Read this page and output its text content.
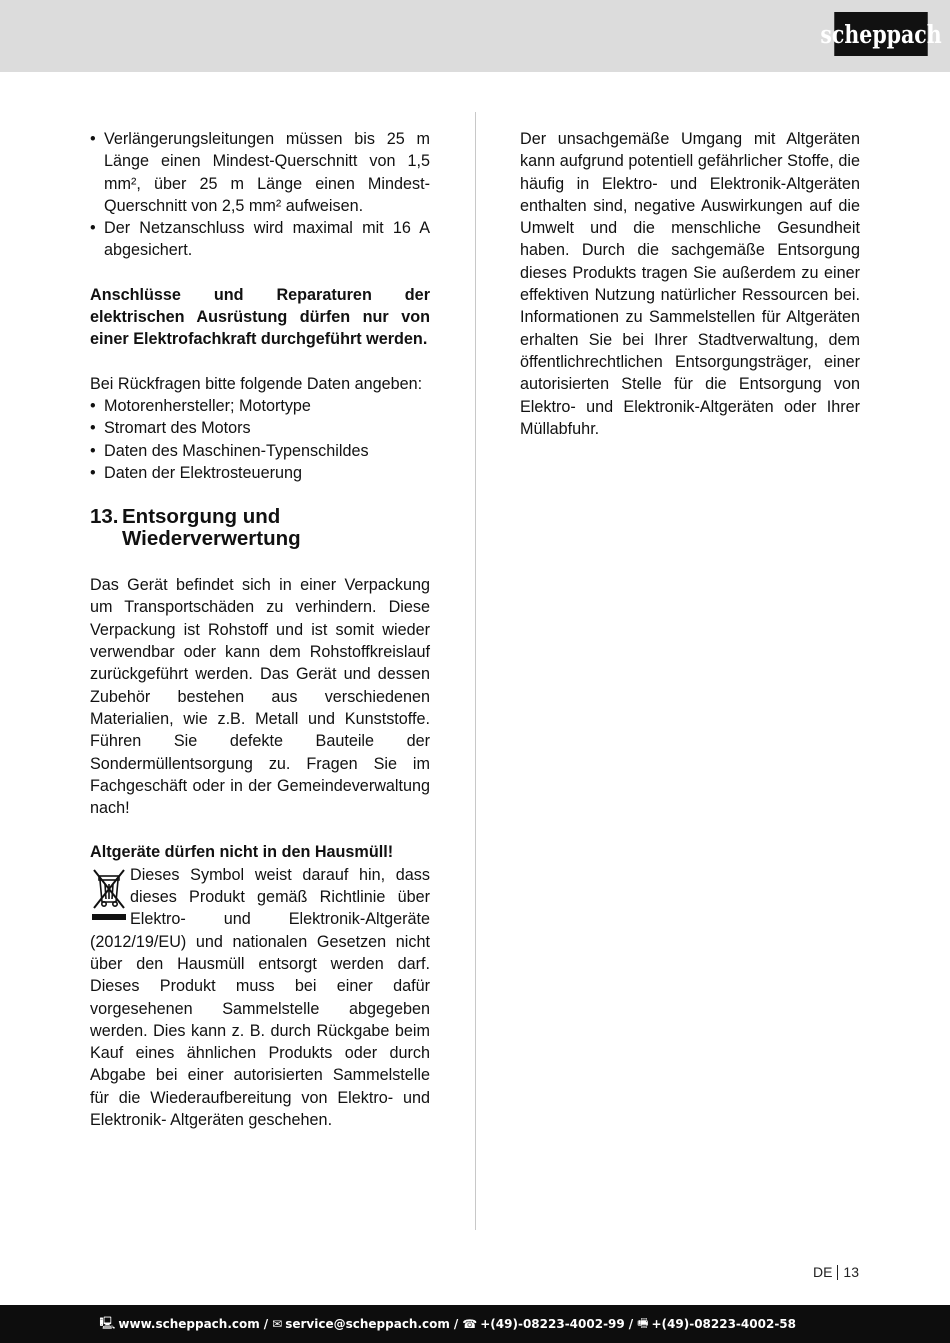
scheppach
• Verlängerungsleitungen müssen bis 25 m Länge einen Mindest-Querschnitt von 1,5 mm², über 25 m Länge einen Mindest-Querschnitt von 2,5 mm² aufweisen.
• Der Netzanschluss wird maximal mit 16 A abgesichert.

Anschlüsse und Reparaturen der elektrischen Ausrüstung dürfen nur von einer Elektrofachkraft durchgeführt werden.

Bei Rückfragen bitte folgende Daten angeben:

• Motorenhersteller; Motortype
• Stromart des Motors
• Daten des Maschinen-Typenschildes
• Daten der Elektrosteuerung
13. Entsorgung und
Wiederverwertung

Das Gerät befindet sich in einer Verpackung um Transportschäden zu verhindern. Diese Verpackung ist Rohstoff und ist somit wieder verwendbar oder kann dem Rohstoffkreislauf zurückgeführt werden. Das Gerät und dessen Zubehör bestehen aus verschiedenen Materialien, wie z.B. Metall und Kunststoffe. Führen Sie defekte Bauteile der Sondermüllentsorgung zu. Fragen Sie im Fachgeschäft oder in der Gemeindeverwaltung nach!

Altgeräte dürfen nicht in den Hausmüll!

Dieses Symbol weist darauf hin, dass dieses Produkt gemäß Richtlinie über Elektro- und Elektronik-Altgeräte (2012/19/EU) und nationalen Gesetzen nicht über den Hausmüll entsorgt werden darf. Dieses Produkt muss bei einer dafür vorgesehenen Sammelstelle abgegeben werden. Dies kann z. B. durch Rückgabe beim Kauf eines ähnlichen Produkts oder durch Abgabe bei einer autorisierten Sammelstelle für die Wiederaufbereitung von Elektro- und Elektronik- Altgeräten geschehen.

Der unsachgemäße Umgang mit Altgeräten kann aufgrund potentiell gefährlicher Stoffe, die häufig in Elektro- und Elektronik-Altgeräten enthalten sind, negative Auswirkungen auf die Umwelt und die menschliche Gesundheit haben. Durch die sachgemäße Entsorgung dieses Produkts tragen Sie außerdem zu einer effektiven Nutzung natürlicher Ressourcen bei. Informationen zu Sammelstellen für Altgeräten erhalten Sie bei Ihrer Stadtverwaltung, dem öffentlichrechtlichen Entsorgungsträger, einer autorisierten Stelle für die Entsorgung von Elektro- und Elektronik-Altgeräten oder Ihrer Müllabfuhr.

DE 13
🖳 www.scheppach.com / ✉ service@scheppach.com / ☎ +(49)-08223-4002-99 / 🖷 +(49)-08223-4002-58
